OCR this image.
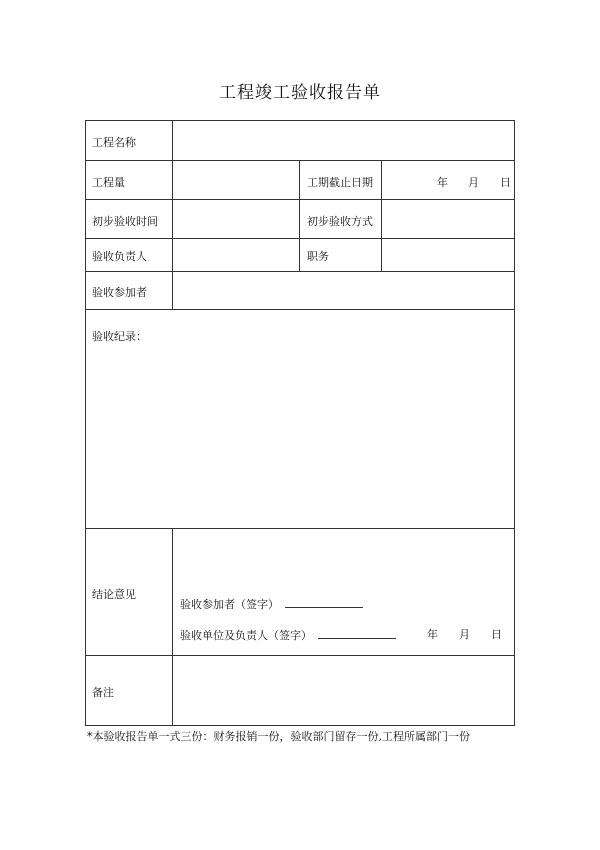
工程竣工验收报告单
工程名称
工程量	工期截止日期	年 月 日
初步验收时间	初步验收方式
验收负责人	职务
验收参加者
验收纪录：
结论意见
验收参加者（签字）
验收单位及负责人（签字）	年 月 日
备注
*本验收报告单一式三份：财务报销一份，验收部门留存一份,工程所属部门一份
